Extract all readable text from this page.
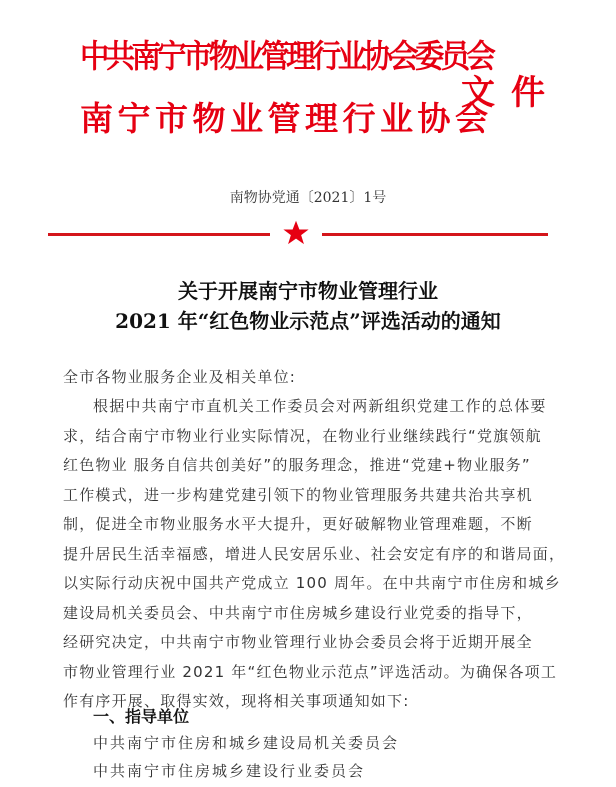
中共南宁市物业管理行业协会委员会
南宁市物业管理行业协会
文件
南物协党通〔2021〕1号
关于开展南宁市物业管理行业
2021 年“红色物业示范点”评选活动的通知
全市各物业服务企业及相关单位:
根据中共南宁市直机关工作委员会对两新组织党建工作的总体要
求，结合南宁市物业行业实际情况，在物业行业继续践行“党旗领航
红色物业 服务自信共创美好”的服务理念，推进“党建+物业服务”
工作模式，进一步构建党建引领下的物业管理服务共建共治共享机
制，促进全市物业服务水平大提升，更好破解物业管理难题，不断
提升居民生活幸福感，增进人民安居乐业、社会安定有序的和谐局面，
以实际行动庆祝中国共产党成立 100 周年。在中共南宁市住房和城乡
建设局机关委员会、中共南宁市住房城乡建设行业党委的指导下，
经研究决定，中共南宁市物业管理行业协会委员会将于近期开展全
市物业管理行业 2021 年“红色物业示范点”评选活动。为确保各项工
作有序开展、取得实效，现将相关事项通知如下:
一、指导单位
中共南宁市住房和城乡建设局机关委员会
中共南宁市住房城乡建设行业委员会
